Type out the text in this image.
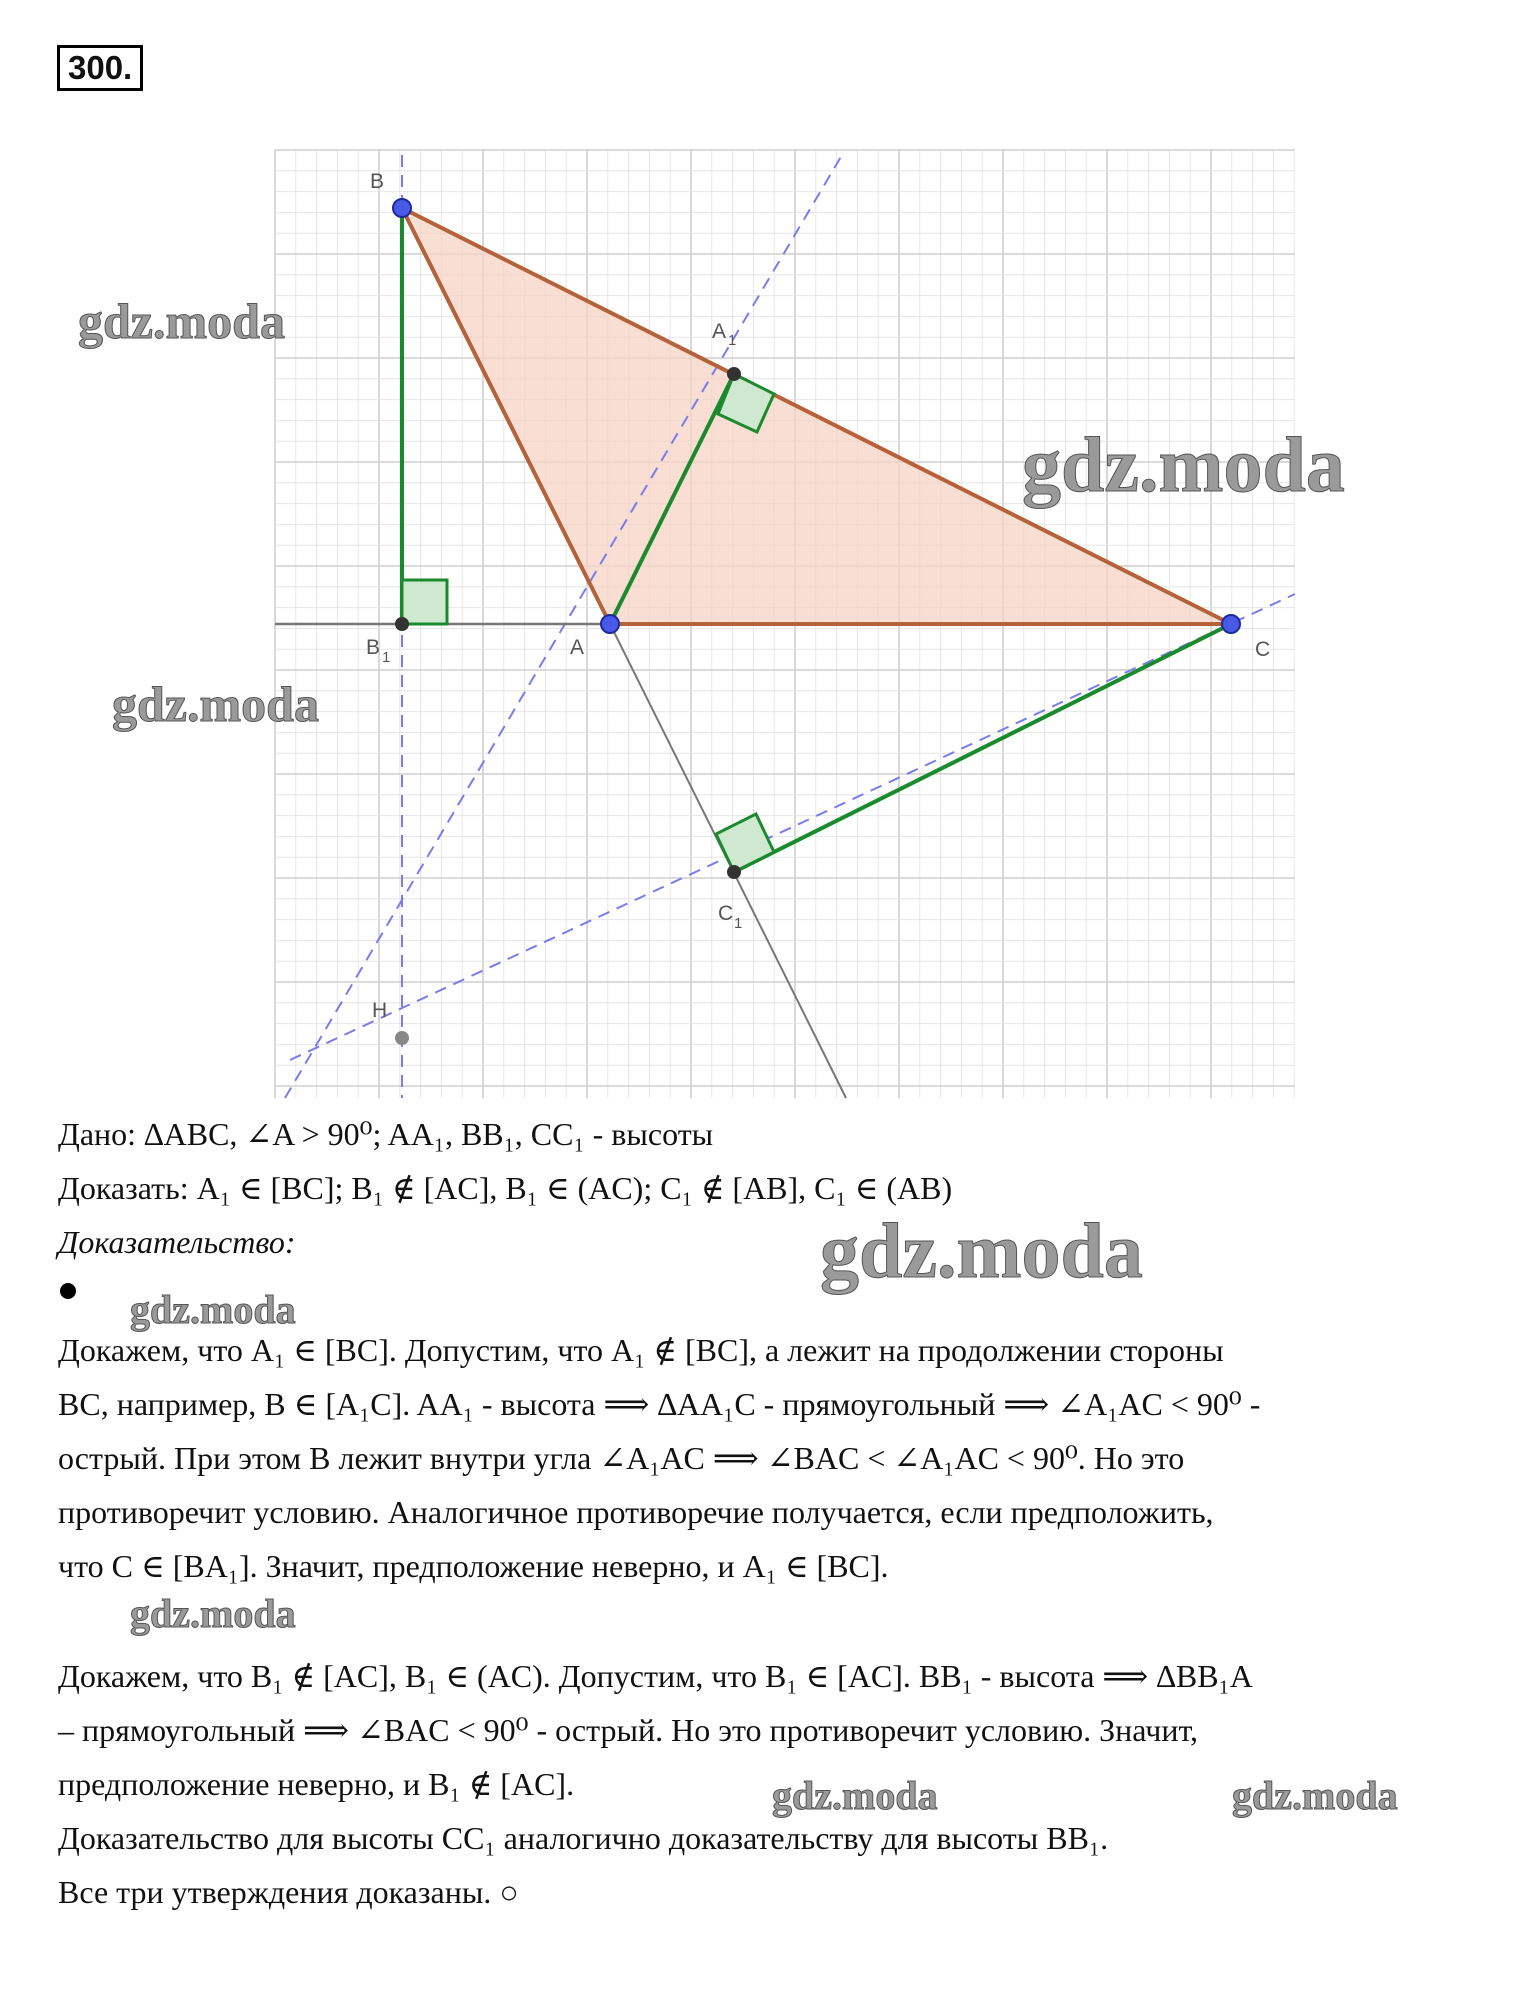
300.
B
A 1
B 1	A	C
C 1
H
gdz.moda
gdz.moda
gdz.moda
gdz.moda
gdz.moda
gdz.moda
gdz.moda	gdz.moda
Дано: ∆ABC, ∠A > 90⁰; AA₁, BB₁, CC₁ - высоты
Доказать: A₁ ∈ [BC]; B₁ ∉ [AC], B₁ ∈ (AC); C₁ ∉ [AB], C₁ ∈ (AB)
Доказательство:
Докажем, что A₁ ∈ [BC]. Допустим, что A₁ ∉ [BC], а лежит на продолжении стороны
BC, например, B ∈ [A₁C]. AA₁ - высота ⟹ ∆AA₁C - прямоугольный ⟹ ∠A₁AC < 90⁰ -
острый. При этом B лежит внутри угла ∠A₁AC ⟹ ∠BAC < ∠A₁AC < 90⁰. Но это
противоречит условию. Аналогичное противоречие получается, если предположить,
что C ∈ [BA₁]. Значит, предположение неверно, и A₁ ∈ [BC].
Докажем, что B₁ ∉ [AC], B₁ ∈ (AC). Допустим, что B₁ ∈ [AC]. BB₁ - высота ⟹ ∆BB₁A
– прямоугольный ⟹ ∠BAC < 90⁰ - острый. Но это противоречит условию. Значит,
предположение неверно, и B₁ ∉ [AC].
Доказательство для высоты CC₁ аналогично доказательству для высоты BB₁.
Все три утверждения доказаны. ○
